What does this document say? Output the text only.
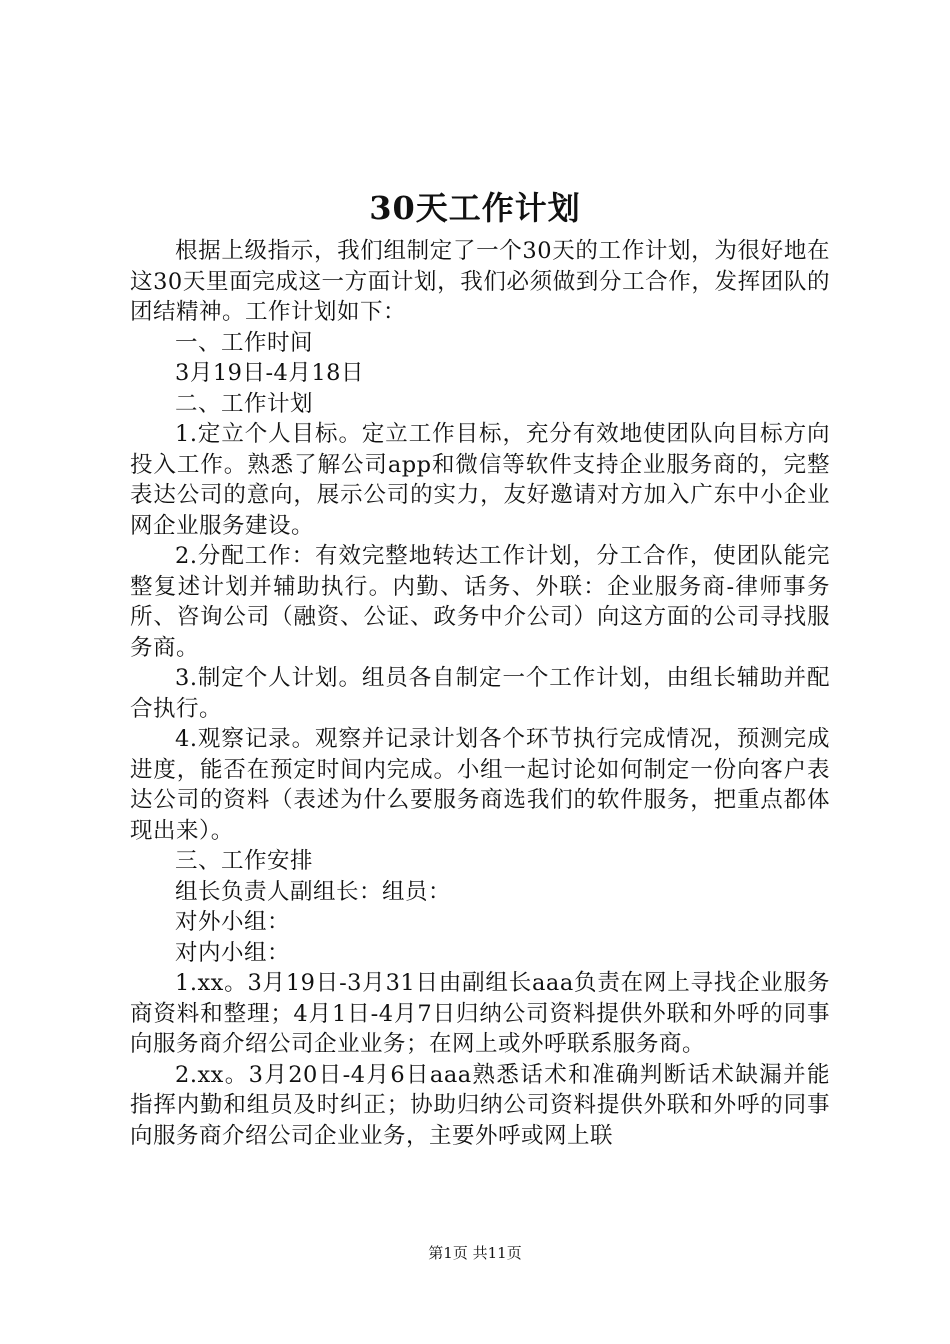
30天工作计划

根据上级指示，我们组制定了一个30天的工作计划，为很好地在这30天里面完成这一方面计划，我们必须做到分工合作，发挥团队的团结精神。工作计划如下：

一、工作时间

3月19日-4月18日

二、工作计划

1.定立个人目标。定立工作目标，充分有效地使团队向目标方向投入工作。熟悉了解公司app和微信等软件支持企业服务商的，完整表达公司的意向，展示公司的实力，友好邀请对方加入广东中小企业网企业服务建设。

2.分配工作：有效完整地转达工作计划，分工合作，使团队能完整复述计划并辅助执行。内勤、话务、外联：企业服务商-律师事务所、咨询公司（融资、公证、政务中介公司）向这方面的公司寻找服务商。

3.制定个人计划。组员各自制定一个工作计划，由组长辅助并配合执行。

4.观察记录。观察并记录计划各个环节执行完成情况，预测完成进度，能否在预定时间内完成。小组一起讨论如何制定一份向客户表达公司的资料（表述为什么要服务商选我们的软件服务，把重点都体现出来）。

三、工作安排

组长负责人副组长：组员：

对外小组：

对内小组：

1.xx。3月19日-3月31日由副组长aaa负责在网上寻找企业服务商资料和整理；4月1日-4月7日归纳公司资料提供外联和外呼的同事向服务商介绍公司企业业务；在网上或外呼联系服务商。

2.xx。3月20日-4月6日aaa熟悉话术和准确判断话术缺漏并能指挥内勤和组员及时纠正；协助归纳公司资料提供外联和外呼的同事向服务商介绍公司企业业务，主要外呼或网上联

第1页 共11页
